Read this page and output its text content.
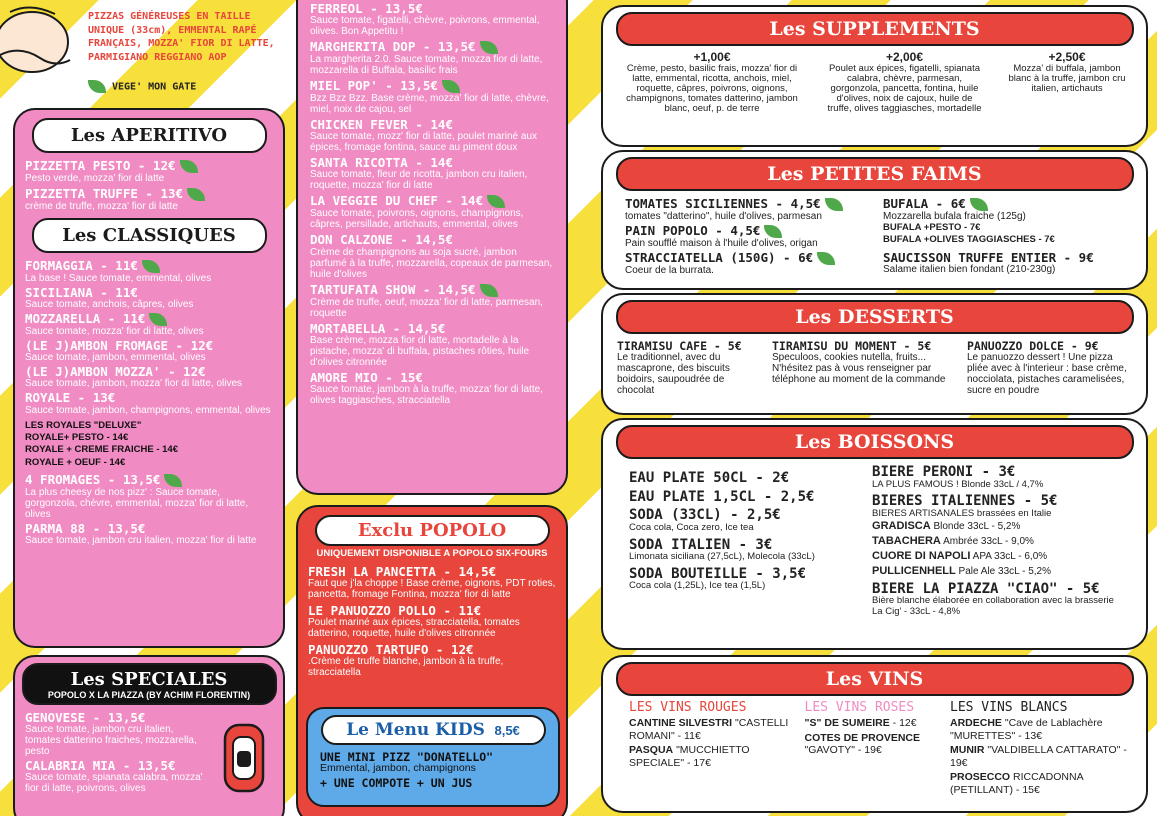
PIZZAS GÉNÉREUSES EN TAILLE
UNIQUE (33cm), EMMENTAL RAPÉ
FRANÇAIS, MOZZA' FIOR DI LATTE,
PARMIGIANO REGGIANO AOP
VEGE' MON GATE
Les APERITIVO
PIZZETTA PESTO - 12€
Pesto verde, mozza' fior di latte
PIZZETTA TRUFFE - 13€
crème de truffe, mozza' fior di latte
Les CLASSIQUES
FORMAGGIA - 11€
La base ! Sauce tomate, emmental, olives
SICILIANA - 11€
Sauce tomate, anchois, câpres, olives
MOZZARELLA - 11€
Sauce tomate, mozza' fior di latte, olives
(LE J)AMBON FROMAGE - 12€
Sauce tomate, jambon, emmental, olives
(LE J)AMBON MOZZA' - 12€
Sauce tomate, jambon, mozza' fior di latte, olives
ROYALE - 13€
Sauce tomate, jambon, champignons, emmental, olives
LES ROYALES "DELUXE"
ROYALE+ PESTO - 14€
ROYALE + CREME FRAICHE - 14€
ROYALE + OEUF - 14€
4 FROMAGES - 13,5€
La plus cheesy de nos pizz' : Sauce tomate, gorgonzola, chèvre, emmental, mozza' fior di latte, olives
PARMA 88 - 13,5€
Sauce tomate, jambon cru italien, mozza' fior di latte
Les SPECIALES
POPOLO X LA PIAZZA (BY ACHIM FLORENTIN)
GENOVESE - 13,5€
Sauce tomate, jambon cru italien, tomates datterino fraiches, mozzarella, pesto
CALABRIA MIA - 13,5€
Sauce tomate, spianata calabra, mozza' fior di latte, poivrons, olives
FERREOL - 13,5€
Sauce tomate, figatelli, chèvre, poivrons, emmental, olives. Bon Appetitu !
MARGHERITA DOP - 13,5€
La margherita 2.0. Sauce tomate, mozza fior di latte, mozzarella di Buffala, basilic frais
MIEL POP' - 13,5€
Bzz Bzz Bzz. Base crème, mozza' fior di latte, chèvre, miel, noix de cajou, sel
CHICKEN FEVER - 14€
Sauce tomate, mozz' fior di latte, poulet mariné aux épices, fromage fontina, sauce au piment doux
SANTA RICOTTA - 14€
Sauce tomate, fleur de ricotta, jambon cru italien, roquette, mozza' fior di latte
LA VEGGIE DU CHEF - 14€
Sauce tomate, poivrons, oignons, champignons, câpres, persillade, artichauts, emmental, olives
DON CALZONE - 14,5€
Crème de champignons au soja sucré, jambon parfumé à la truffe, mozzarella, copeaux de parmesan, huile d'olives
TARTUFATA SHOW - 14,5€
Crème de truffe, oeuf, mozza' fior di latte, parmesan, roquette
MORTABELLA - 14,5€
Base crème, mozza fior di latte, mortadelle à la pistache, mozza' di buffala, pistaches rôties, huile d'olives citronnée
AMORE MIO - 15€
Sauce tomate, jambon à la truffe, mozza' fior di latte, olives taggiasches, stracciatella
Exclu POPOLO
UNIQUEMENT DISPONIBLE A POPOLO SIX-FOURS
FRESH LA PANCETTA - 14,5€
Faut que j'la choppe ! Base crème, oignons, PDT roties, pancetta, fromage Fontina, mozza' fior di latte
LE PANUOZZO POLLO - 11€
Poulet mariné aux épices, stracciatella, tomates datterino, roquette, huile d'olives citronnée
PANUOZZO TARTUFO - 12€
.Crème de truffe blanche, jambon à la truffe, stracciatella
Le Menu KIDS 8,5€
UNE MINI PIZZ "DONATELLO"
Emmental, jambon, champignons
+ UNE COMPOTE + UN JUS
Les SUPPLEMENTS
+1,00€
Crème, pesto, basilic frais, mozza' fior di latte, emmental, ricotta, anchois, miel, roquette, câpres, poivrons, oignons, champignons, tomates datterino, jambon blanc, oeuf, p. de terre
+2,00€
Poulet aux épices, figatelli, spianata calabra, chèvre, parmesan, gorgonzola, pancetta, fontina, huile d'olives, noix de cajoux, huile de truffe, olives taggiasches, mortadelle
+2,50€
Mozza' di buffala, jambon blanc à la truffe, jambon cru italien, artichauts
Les PETITES FAIMS
TOMATES SICILIENNES - 4,5€
tomates "datterino", huile d'olives, parmesan
PAIN POPOLO - 4,5€
Pain soufflé maison à l'huile d'olives, origan
STRACCIATELLA (150G) - 6€
Coeur de la burrata.
BUFALA - 6€
Mozzarella bufala fraiche (125g)
BUFALA +PESTO - 7€
BUFALA +OLIVES TAGGIASCHES - 7€
SAUCISSON TRUFFE ENTIER - 9€
Salame italien bien fondant (210-230g)
Les DESSERTS
TIRAMISU CAFE - 5€
Le traditionnel, avec du mascaprone, des biscuits boidoirs, saupoudrée de chocolat
TIRAMISU DU MOMENT - 5€
Speculoos, cookies nutella, fruits... N'hésitez pas à vous renseigner par téléphone au moment de la commande
PANUOZZO DOLCE - 9€
Le panuozzo dessert ! Une pizza pliée avec à l'interieur : base crème, nocciolata, pistaches caramelisées, sucre en poudre
Les BOISSONS
EAU PLATE 50CL - 2€
EAU PLATE 1,5CL - 2,5€
SODA (33CL) - 2,5€
Coca cola, Coca zero, Ice tea
SODA ITALIEN - 3€
Limonata siciliana (27,5cL), Molecola (33cL)
SODA BOUTEILLE - 3,5€
Coca cola (1,25L), Ice tea (1,5L)
BIERE PERONI - 3€
LA PLUS FAMOUS ! Blonde 33cL / 4,7%
BIERES ITALIENNES - 5€
BIERES ARTISANALES brassées en Italie
GRADISCA Blonde 33cL - 5,2%
TABACHERA Ambrée 33cL - 9,0%
CUORE DI NAPOLI APA 33cL - 6,0%
PULLICENHELL Pale Ale 33cL - 5,2%
BIERE LA PIAZZA "CIAO" - 5€
Bière blanche élaborée en collaboration avec la brasserie La Cig' - 33cL - 4,8%
Les VINS
LES VINS ROUGES
CANTINE SILVESTRI "CASTELLI ROMANI" - 11€
PASQUA "MUCCHIETTO SPECIALE" - 17€
LES VINS ROSES
"S" DE SUMEIRE - 12€
COTES DE PROVENCE "GAVOTY" - 19€
LES VINS BLANCS
ARDECHE "Cave de Lablachère "MURETTES" - 13€
MUNIR "VALDIBELLA CATTARATO" - 19€
PROSECCO RICCADONNA (PETILLANT) - 15€
